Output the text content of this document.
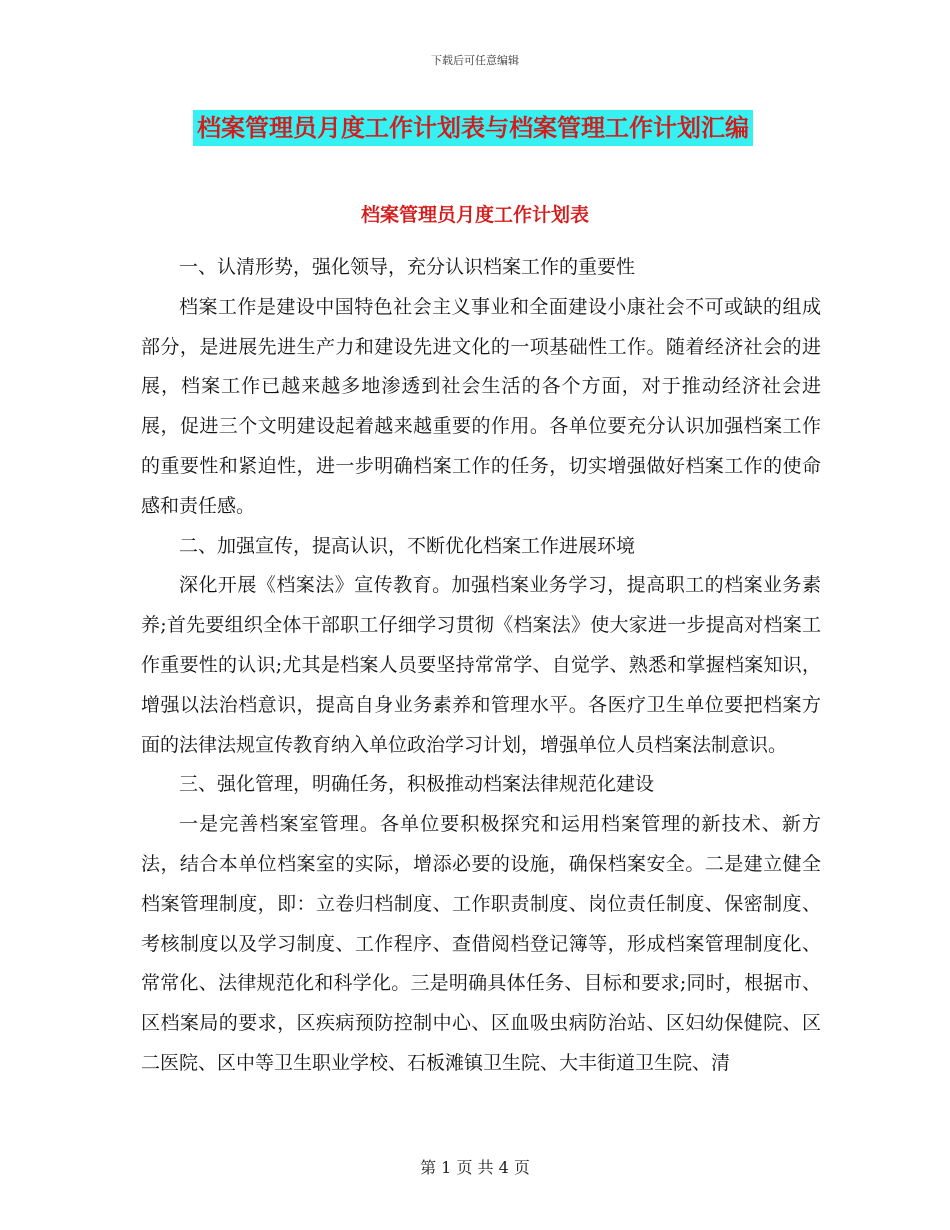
下载后可任意编辑
档案管理员月度工作计划表与档案管理工作计划汇编
档案管理员月度工作计划表

一、认清形势，强化领导，充分认识档案工作的重要性

档案工作是建设中国特色社会主义事业和全面建设小康社会不可或缺的组成部分，是进展先进生产力和建设先进文化的一项基础性工作。随着经济社会的进展，档案工作已越来越多地渗透到社会生活的各个方面，对于推动经济社会进展，促进三个文明建设起着越来越重要的作用。各单位要充分认识加强档案工作的重要性和紧迫性，进一步明确档案工作的任务，切实增强做好档案工作的使命感和责任感。

二、加强宣传，提高认识，不断优化档案工作进展环境

深化开展《档案法》宣传教育。加强档案业务学习，提高职工的档案业务素养;首先要组织全体干部职工仔细学习贯彻《档案法》使大家进一步提高对档案工作重要性的认识;尤其是档案人员要坚持常常学、自觉学、熟悉和掌握档案知识，增强以法治档意识，提高自身业务素养和管理水平。各医疗卫生单位要把档案方面的法律法规宣传教育纳入单位政治学习计划，增强单位人员档案法制意识。

三、强化管理，明确任务，积极推动档案法律规范化建设

一是完善档案室管理。各单位要积极探究和运用档案管理的新技术、新方法，结合本单位档案室的实际，增添必要的设施，确保档案安全。二是建立健全档案管理制度，即：立卷归档制度、工作职责制度、岗位责任制度、保密制度、考核制度以及学习制度、工作程序、查借阅档登记簿等，形成档案管理制度化、常常化、法律规范化和科学化。三是明确具体任务、目标和要求;同时，根据市、区档案局的要求，区疾病预防控制中心、区血吸虫病防治站、区妇幼保健院、区二医院、区中等卫生职业学校、石板滩镇卫生院、大丰街道卫生院、清

第 1 页 共 4 页
